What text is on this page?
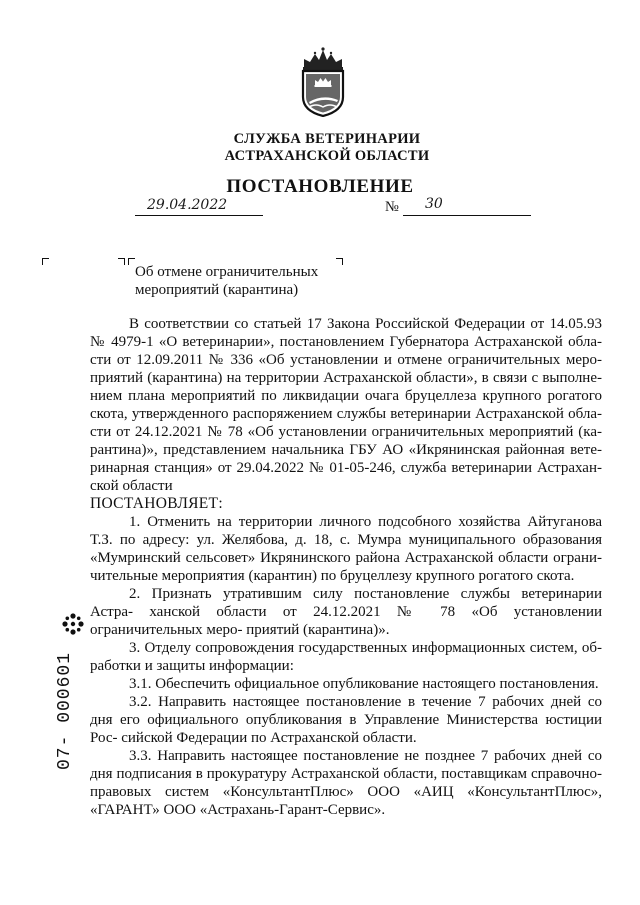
СЛУЖБА ВЕТЕРИНАРИИ
АСТРАХАНСКОЙ ОБЛАСТИ
ПОСТАНОВЛЕНИЕ
29.04.2022	№ 30
Об отмене ограничительных
мероприятий (карантина)

В соответствии со статьей 17 Закона Российской Федерации от 14.05.93 № 4979-1 «О ветеринарии», постановлением Губернатора Астраханской обла- сти от 12.09.2011 № 336 «Об установлении и отмене ограничительных меро- приятий (карантина) на территории Астраханской области», в связи с выполне- нием плана мероприятий по ликвидации очага бруцеллеза крупного рогатого скота, утвержденного распоряжением службы ветеринарии Астраханской обла- сти от 24.12.2021 № 78 «Об установлении ограничительных мероприятий (ка- рантина)», представлением начальника ГБУ АО «Икрянинская районная вете- ринарная станция» от 29.04.2022 № 01-05-246, служба ветеринарии Астрахан- ской области

ПОСТАНОВЛЯЕТ:

1. Отменить на территории личного подсобного хозяйства Айтуганова Т.З. по адресу: ул. Желябова, д. 18, с. Мумра муниципального образования «Мумринский сельсовет» Икрянинского района Астраханской области ограни- чительные мероприятия (карантин) по бруцеллезу крупного рогатого скота.

2. Признать утратившим силу постановление службы ветеринарии Астра- ханской области от 24.12.2021 № 78 «Об установлении ограничительных меро- приятий (карантина)».

3. Отделу сопровождения государственных информационных систем, об- работки и защиты информации:

3.1. Обеспечить официальное опубликование настоящего постановления.

3.2. Направить настоящее постановление в течение 7 рабочих дней со дня его официального опубликования в Управление Министерства юстиции Рос- сийской Федерации по Астраханской области.

3.3. Направить настоящее постановление не позднее 7 рабочих дней со дня подписания в прокуратуру Астраханской области, поставщикам справочно- правовых систем «КонсультантПлюс» ООО «АИЦ «КонсультантПлюс», «ГАРАНТ» ООО «Астрахань-Гарант-Сервис».

07- 000601
